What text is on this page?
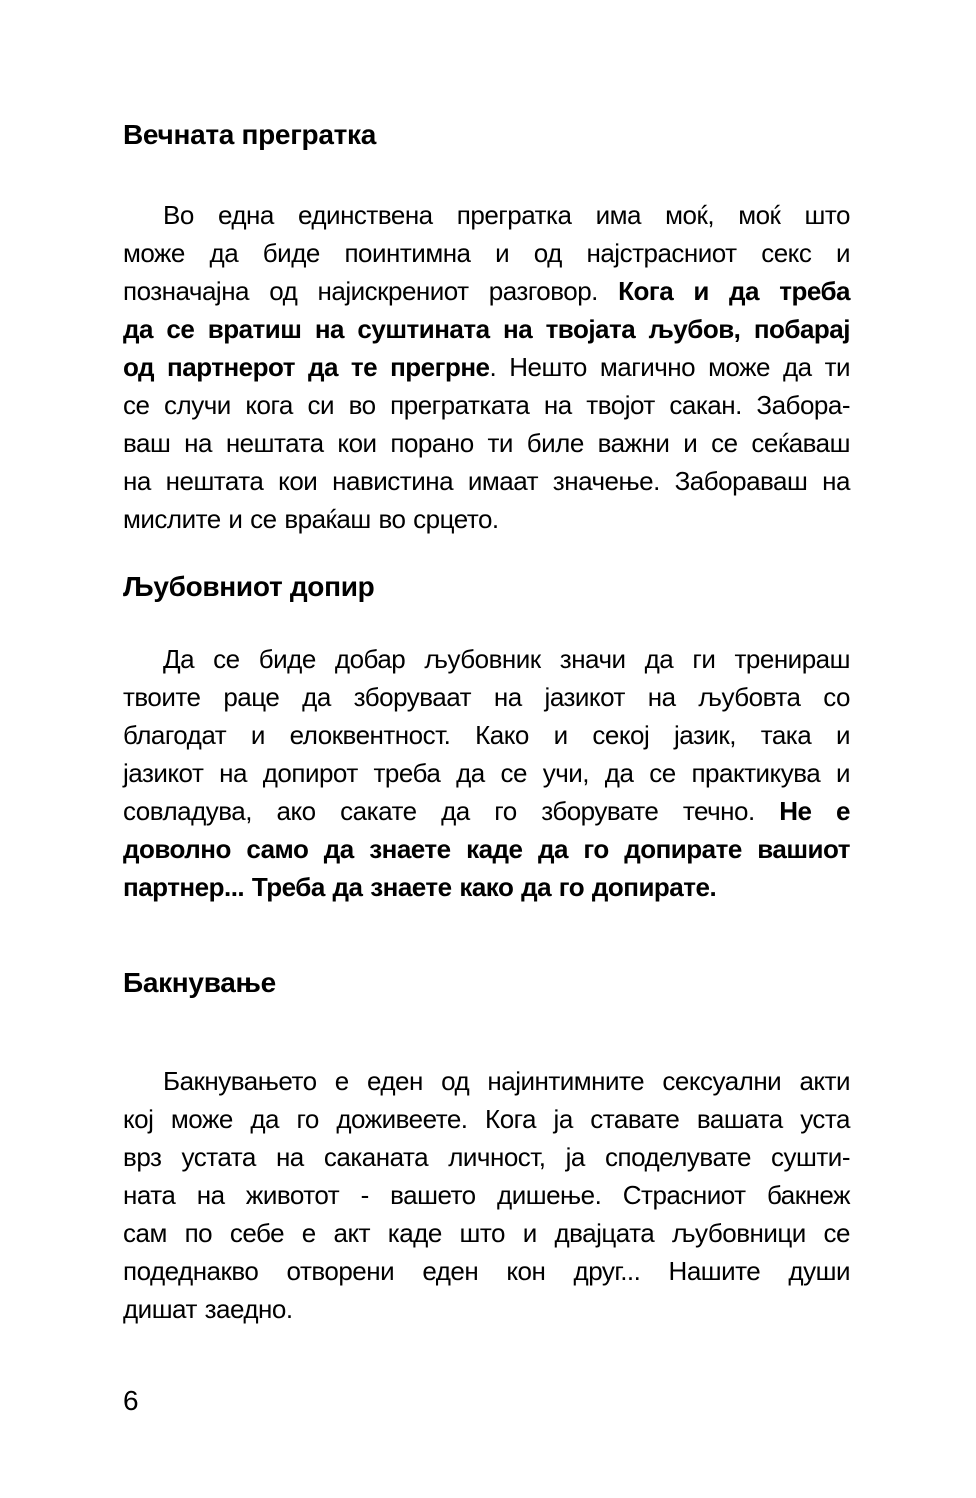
Вечната прегратка
Во една единствена прегратка има моќ, моќ што
може да биде поинтимна и од најстрасниот секс и
позначајна од најискрениот разговор. Кога и да треба
да се вратиш на суштината на твојата љубов, побарај
од партнерот да те прегрне. Нешто магично може да ти
се случи кога си во прегратката на твојот сакан. Забора-
ваш на нештата кои порано ти биле важни и се сеќаваш
на нештата кои навистина имаат значење. Забораваш на
мислите и се враќаш во срцето.
Љубовниот допир
Да се биде добар љубовник значи да ги тренираш
твоите раце да зборуваат на јазикот на љубовта со
благодат и елоквентност. Како и секој јазик, така и
јазикот на допирот треба да се учи, да се практикува и
совладува, ако сакате да го зборувате течно. Не е
доволно само да знаете каде да го допирате вашиот
партнер... Треба да знаете како да го допирате.
Бакнување
Бакнувањето е еден од најинтимните сексуални акти
кој може да го доживеете. Кога ја ставате вашата уста
врз устата на саканата личност, ја споделувате сушти-
ната на животот - вашето дишење. Страсниот бакнеж
сам по себе е акт каде што и двајцата љубовници се
подеднакво отворени еден кон друг... Нашите души
дишат заедно.
6
